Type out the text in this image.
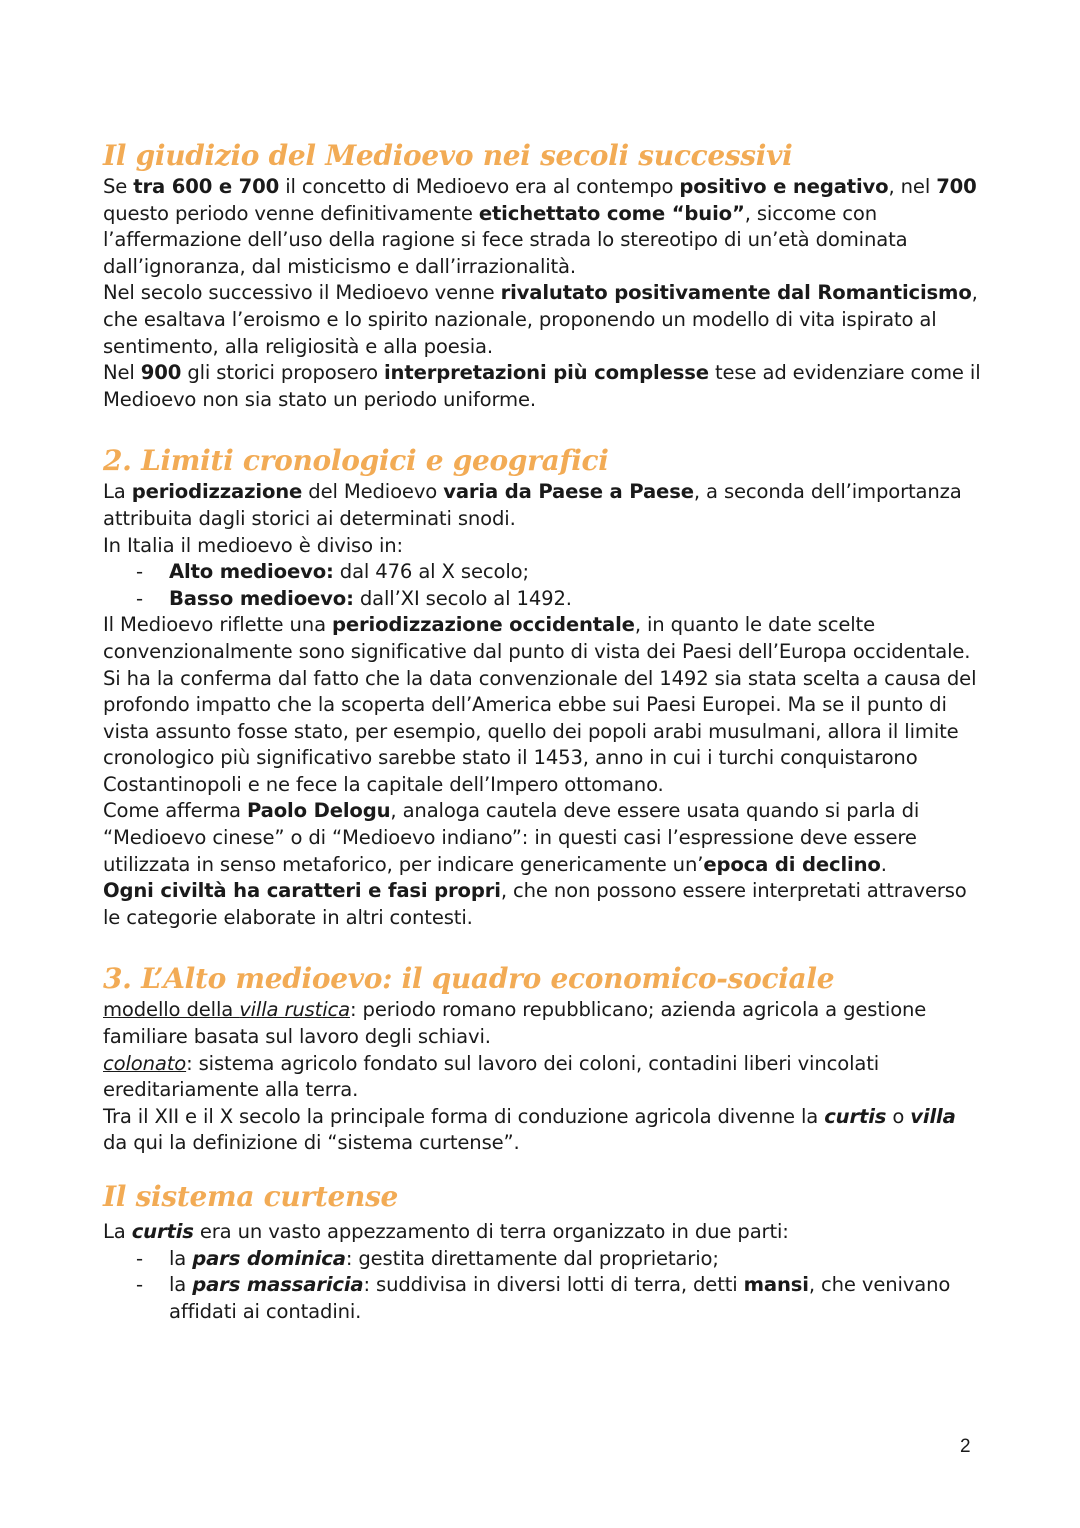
Il giudizio del Medioevo nei secoli successivi

Se tra 600 e 700 il concetto di Medioevo era al contempo positivo e negativo, nel 700 questo periodo venne definitivamente etichettato come “buio”, siccome con l’affermazione dell’uso della ragione si fece strada lo stereotipo di un’età dominata dall’ignoranza, dal misticismo e dall’irrazionalità.

Nel secolo successivo il Medioevo venne rivalutato positivamente dal Romanticismo, che esaltava l’eroismo e lo spirito nazionale, proponendo un modello di vita ispirato al sentimento, alla religiosità e alla poesia.

Nel 900 gli storici proposero interpretazioni più complesse tese ad evidenziare come il Medioevo non sia stato un periodo uniforme.

2. Limiti cronologici e geografici

La periodizzazione del Medioevo varia da Paese a Paese, a seconda dell’importanza attribuita dagli storici ai determinati snodi.

In Italia il medioevo è diviso in:

- Alto medioevo: dal 476 al X secolo;
- Basso medioevo: dall’XI secolo al 1492.

Il Medioevo riflette una periodizzazione occidentale, in quanto le date scelte convenzionalmente sono significative dal punto di vista dei Paesi dell’Europa occidentale.

Si ha la conferma dal fatto che la data convenzionale del 1492 sia stata scelta a causa del profondo impatto che la scoperta dell’America ebbe sui Paesi Europei. Ma se il punto di vista assunto fosse stato, per esempio, quello dei popoli arabi musulmani, allora il limite cronologico più significativo sarebbe stato il 1453, anno in cui i turchi conquistarono Costantinopoli e ne fece la capitale dell’Impero ottomano.

Come afferma Paolo Delogu, analoga cautela deve essere usata quando si parla di “Medioevo cinese” o di “Medioevo indiano”: in questi casi l’espressione deve essere utilizzata in senso metaforico, per indicare genericamente un’epoca di declino.

Ogni civiltà ha caratteri e fasi propri, che non possono essere interpretati attraverso le categorie elaborate in altri contesti.

3. L’Alto medioevo: il quadro economico-sociale

modello della villa rustica: periodo romano repubblicano; azienda agricola a gestione familiare basata sul lavoro degli schiavi.

colonato: sistema agricolo fondato sul lavoro dei coloni, contadini liberi vincolati ereditariamente alla terra.

Tra il XII e il X secolo la principale forma di conduzione agricola divenne la curtis o villa da qui la definizione di “sistema curtense”.

Il sistema curtense

La curtis era un vasto appezzamento di terra organizzato in due parti:

- la pars dominica: gestita direttamente dal proprietario;
- la pars massaricia: suddivisa in diversi lotti di terra, detti mansi, che venivano affidati ai contadini.
2
